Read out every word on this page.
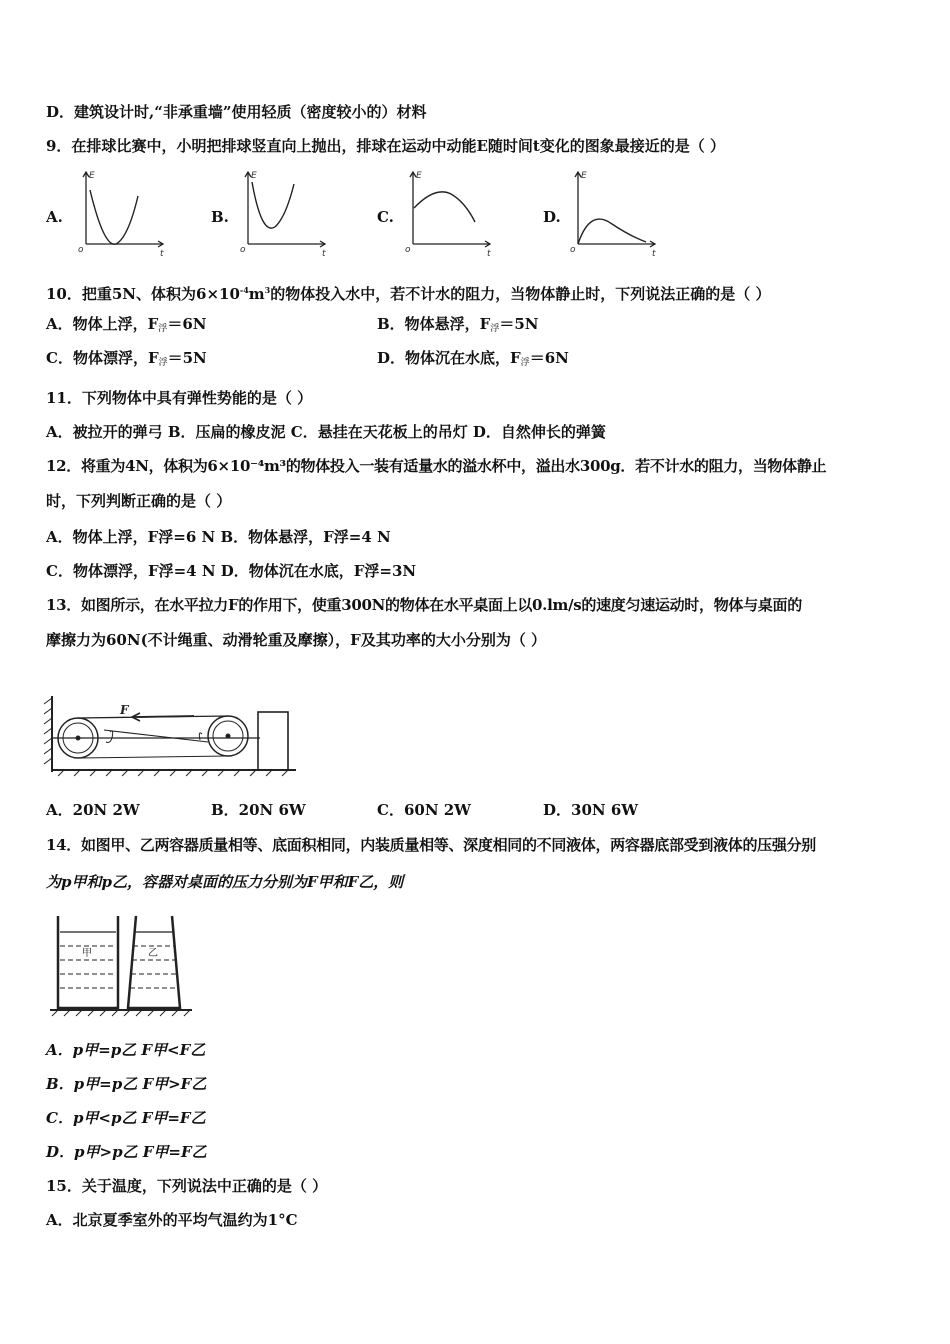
D．建筑设计时,“非承重墙”使用轻质（密度较小的）材料
9．在排球比赛中，小明把排球竖直向上抛出，排球在运动中动能E随时间t变化的图象最接近的是（ ）
A.	B.	C.	D.
E
t
o
E
t
o
E
t
o
E
t
o
10．把重5N、体积为$6\times 10^{-4}m^3$的物体投入水中，若不计水的阻力，当物体静止时，下列说法正确的是（ ）
A．物体上浮，$F_浮=6N$	B．物体悬浮，$F_浮=5N$
C．物体漂浮，$F_浮=5N$	D．物体沉在水底，$F_浮=6N$
11．下列物体中具有弹性势能的是（ ）
A．被拉开的弹弓 B．压扁的橡皮泥 C．悬挂在天花板上的吊灯 D．自然伸长的弹簧
12．将重为4N，体积为6×10⁻⁴m³的物体投入一装有适量水的溢水杯中，溢出水300g．若不计水的阻力，当物体静止
时，下列判断正确的是（ ）
A．物体上浮，F浮=6 N B．物体悬浮，F浮=4 N
C．物体漂浮，F浮=4 N D．物体沉在水底，F浮=3N
13．如图所示，在水平拉力F的作用下，使重300N的物体在水平桌面上以0.lm/s的速度匀速运动时，物体与桌面的
摩擦力为60N(不计绳重、动滑轮重及摩擦），F及其功率的大小分别为（ ）
F
A．20N 2W	B．20N 6W	C．60N 2W	D．30N 6W
14．如图甲、乙两容器质量相等、底面积相同，内装质量相等、深度相同的不同液体，两容器底部受到液体的压强分别
为p甲和p乙，容器对桌面的压力分别为F甲和F乙，则
甲	乙
A．p甲=p乙 F甲<F乙
B．p甲=p乙 F甲>F乙
C．p甲<p乙 F甲=F乙
D．p甲>p乙 F甲=F乙
15．关于温度，下列说法中正确的是（ ）
A．北京夏季室外的平均气温约为1°C
